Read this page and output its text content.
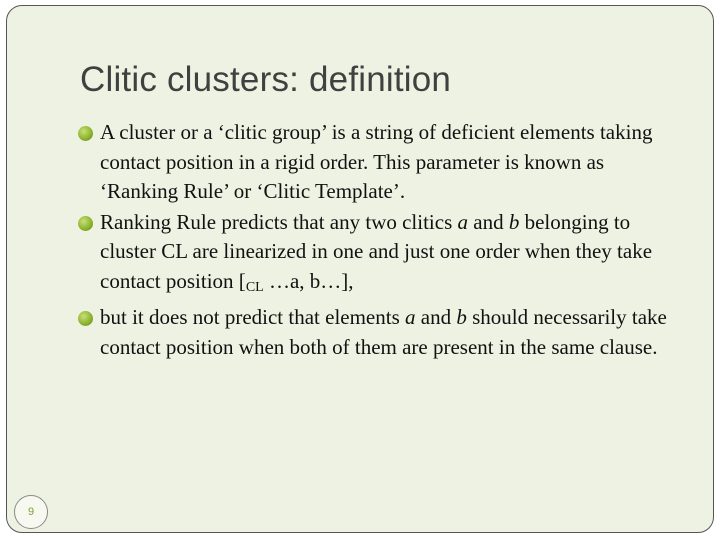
Clitic clusters: definition
A cluster or a ‘clitic group’ is a string of deficient elements taking contact position in a rigid order. This parameter is known as ‘Ranking Rule’ or ‘Clitic Template’.
Ranking Rule predicts that any two clitics a and b belonging to cluster CL are linearized in one and just one order when they take contact position [$_{CL}$ …a, b…],
but it does not predict that elements a and b should necessarily take contact position when both of them are present in the same clause.
9
